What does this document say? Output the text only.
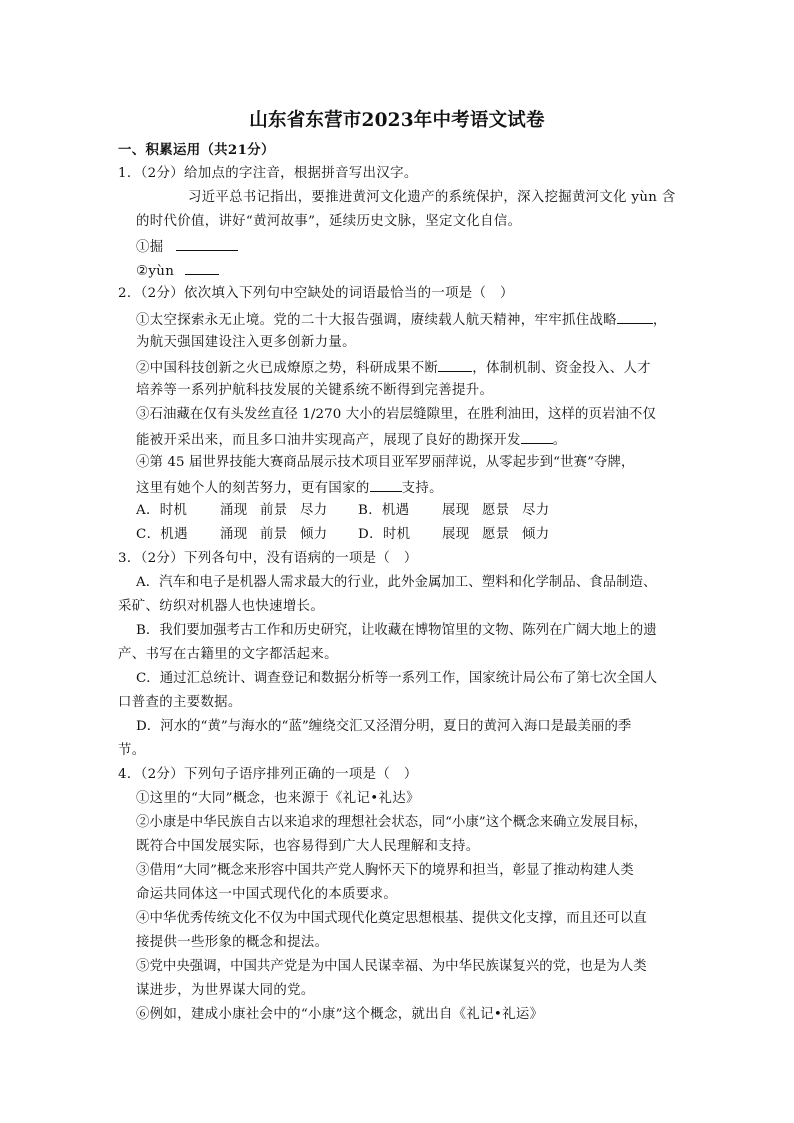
山东省东营市2023年中考语文试卷
一、积累运用（共21分）
1．（2分）给加点的字注音，根据拼音写出汉字。
习近平总书记指出，要推进黄河文化遗产的系统保护，深入挖掘黄河文化 yùn 含
的时代价值，讲好“黄河故事”，延续历史文脉，坚定文化自信。
①掘
②yùn
2．（2分）依次填入下列句中空缺处的词语最恰当的一项是（　）
①太空探索永无止境。党的二十大报告强调，赓续载人航天精神，牢牢抓住战略	，
为航天强国建设注入更多创新力量。
②中国科技创新之火已成燎原之势，科研成果不断	，体制机制、资金投入、人才
培养等一系列护航科技发展的关键系统不断得到完善提升。
③石油藏在仅有头发丝直径 1/270 大小的岩层缝隙里，在胜利油田，这样的页岩油不仅
能被开采出来，而且多口油井实现高产，展现了良好的勘探开发 。
④第 45 届世界技能大赛商品展示技术项目亚军罗丽萍说，从零起步到“世赛”夺牌，
这里有她个人的刻苦努力，更有国家的 支持。
A．时机	涌现 前景 尽力	B．机遇	展现 愿景 尽力
C．机遇	涌现 前景 倾力	D．时机	展现 愿景 倾力
3．（2分）下列各句中，没有语病的一项是（　）
A．汽车和电子是机器人需求最大的行业，此外金属加工、塑料和化学制品、食品制造、
采矿、纺织对机器人也快速增长。
B．我们要加强考古工作和历史研究，让收藏在博物馆里的文物、陈列在广阔大地上的遗
产、书写在古籍里的文字都活起来。
C．通过汇总统计、调查登记和数据分析等一系列工作，国家统计局公布了第七次全国人
口普查的主要数据。
D．河水的“黄”与海水的“蓝”缠绕交汇又泾渭分明，夏日的黄河入海口是最美丽的季
节。
4．（2分）下列句子语序排列正确的一项是（　）
①这里的“大同”概念，也来源于《礼记•礼达》
②小康是中华民族自古以来追求的理想社会状态，同“小康”这个概念来确立发展目标，
既符合中国发展实际，也容易得到广大人民理解和支持。
③借用“大同”概念来形容中国共产党人胸怀天下的境界和担当，彰显了推动构建人类
命运共同体这一中国式现代化的本质要求。
④中华优秀传统文化不仅为中国式现代化奠定思想根基、提供文化支撑，而且还可以直
接提供一些形象的概念和提法。
⑤党中央强调，中国共产党是为中国人民谋幸福、为中华民族谋复兴的党，也是为人类
谋进步，为世界谋大同的党。
⑥例如，建成小康社会中的“小康”这个概念，就出自《礼记•礼运》
